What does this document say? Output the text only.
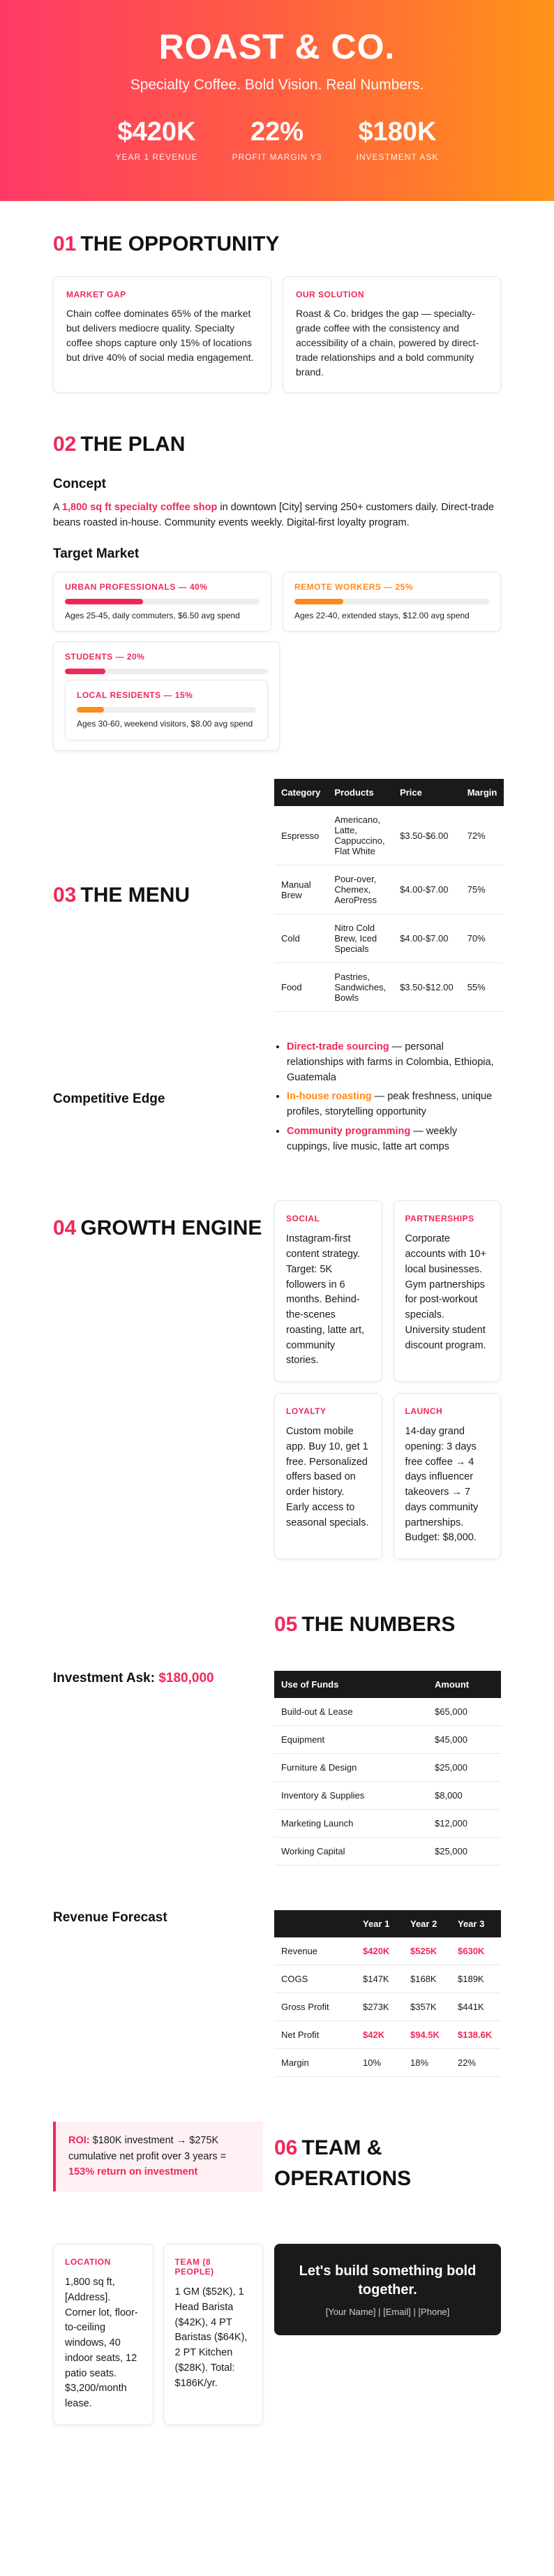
ROAST & CO.
Specialty Coffee. Bold Vision. Real Numbers.
$420K
YEAR 1 REVENUE
22%
PROFIT MARGIN Y3
$180K
INVESTMENT ASK
01 THE OPPORTUNITY
MARKET GAP

Chain coffee dominates 65% of the market but delivers mediocre quality. Specialty coffee shops capture only 15% of locations but drive 40% of social media engagement.

OUR SOLUTION

Roast & Co. bridges the gap — specialty-grade coffee with the consistency and accessibility of a chain, powered by direct-trade relationships and a bold community brand.

02 THE PLAN
Concept

A 1,800 sq ft specialty coffee shop in downtown [City] serving 250+ customers daily. Direct-trade beans roasted in-house. Community events weekly. Digital-first loyalty program.

Target Market
URBAN PROFESSIONALS — 40%
Ages 25-45, daily commuters, $6.50 avg spend
REMOTE WORKERS — 25%
Ages 22-40, extended stays, $12.00 avg spend
STUDENTS — 20%
LOCAL RESIDENTS — 15%
Ages 30-60, weekend visitors, $8.00 avg spend
03 THE MENU
Category	Products	Price	Margin
Espresso	Americano, Latte, Cappuccino, Flat White	$3.50-$6.00	72%
Manual Brew	Pour-over, Chemex, AeroPress	$4.00-$7.00	75%
Cold	Nitro Cold Brew, Iced Specials	$4.00-$7.00	70%
Food	Pastries, Sandwiches, Bowls	$3.50-$12.00	55%
Competitive Edge
• Direct-trade sourcing — personal relationships with farms in Colombia, Ethiopia, Guatemala
• In-house roasting — peak freshness, unique profiles, storytelling opportunity
• Community programming — weekly cuppings, live music, latte art comps
04 GROWTH ENGINE	SOCIAL

Instagram-first content strategy. Target: 5K followers in 6 months. Behind-the-scenes roasting, latte art, community stories.

PARTNERSHIPS

Corporate accounts with 10+ local businesses. Gym partnerships for post-workout specials. University student discount program.

LOYALTY

Custom mobile app. Buy 10, get 1 free. Personalized offers based on order history. Early access to seasonal specials.

LAUNCH

14-day grand opening: 3 days free coffee → 4 days influencer takeovers → 7 days community partnerships. Budget: $8,000.

05 THE NUMBERS
Investment Ask: $180,000	Use of Funds	Amount
Build-out & Lease	$65,000
Equipment	$45,000
Furniture & Design	$25,000
Inventory & Supplies	$8,000
Marketing Launch	$12,000
Working Capital	$25,000
Revenue Forecast
		Year 1	Year 2	Year 3
Revenue	$420K	$525K	$630K
COGS	$147K	$168K	$189K
Gross Profit	$273K	$357K	$441K
Net Profit	$42K	$94.5K	$138.6K
Margin	10%	18%	22%
ROI: $180K investment → $275K cumulative net profit over 3 years = 153% return on investment
06 TEAM & OPERATIONS
LOCATION

1,800 sq ft, [Address]. Corner lot, floor-to-ceiling windows, 40 indoor seats, 12 patio seats. $3,200/month lease.

TEAM (8 PEOPLE)

1 GM ($52K), 1 Head Barista ($42K), 4 PT Baristas ($64K), 2 PT Kitchen ($28K). Total: $186K/yr.

Let's build something bold together.
[Your Name] | [Email] | [Phone]
